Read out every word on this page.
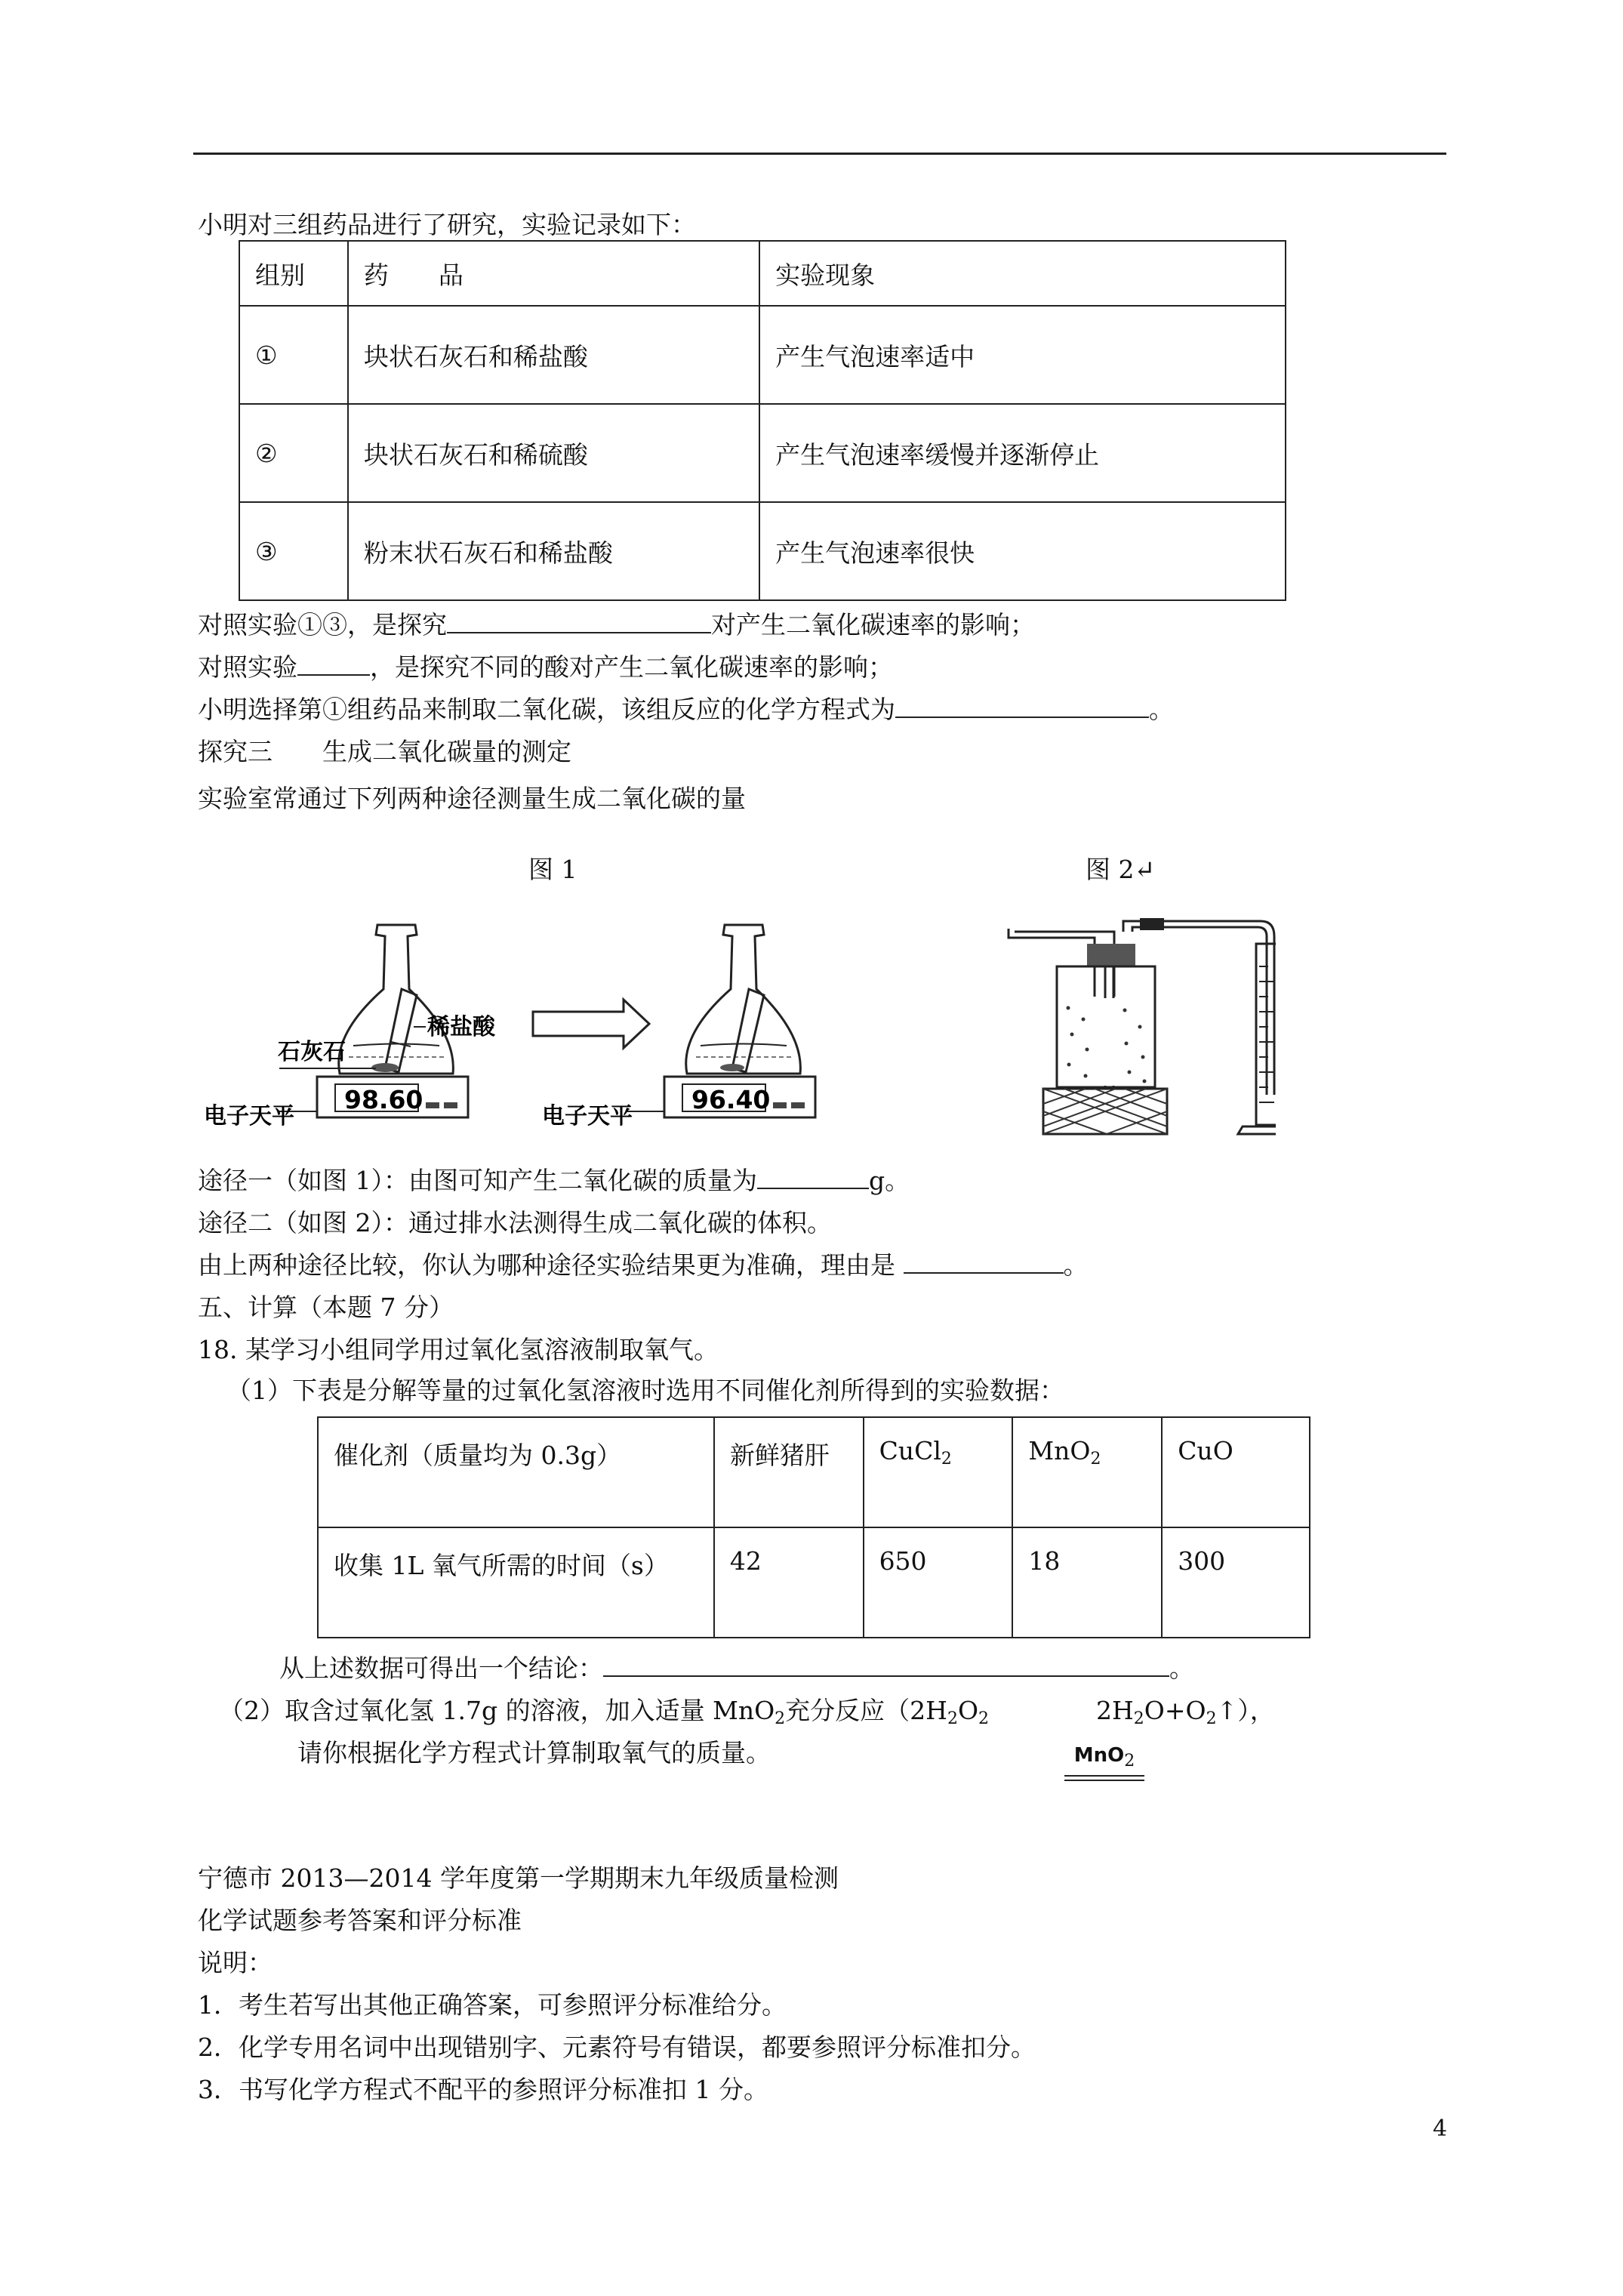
小明对三组药品进行了研究，实验记录如下：
组别	药　　品	实验现象
①	块状石灰石和稀盐酸	产生气泡速率适中
②	块状石灰石和稀硫酸	产生气泡速率缓慢并逐渐停止
③	粉末状石灰石和稀盐酸	产生气泡速率很快
对照实验①③，是探究	对产生二氧化碳速率的影响；
对照实验	，是探究不同的酸对产生二氧化碳速率的影响；
小明选择第①组药品来制取二氧化碳，该组反应的化学方程式为	。
探究三　　生成二氧化碳量的测定
实验室常通过下列两种途径测量生成二氧化碳的量
图 1	图 2↵
石灰石
稀盐酸
电子天平
98.60
电子天平
96.40
途径一（如图 1）：由图可知产生二氧化碳的质量为	g。
途径二（如图 2）：通过排水法测得生成二氧化碳的体积。
由上两种途径比较，你认为哪种途径实验结果更为准确，理由是	。
五、计算（本题 7 分）
18. 某学习小组同学用过氧化氢溶液制取氧气。
（1）下表是分解等量的过氧化氢溶液时选用不同催化剂所得到的实验数据：
催化剂（质量均为 0.3g）	新鲜猪肝	CuCl$_2$	MnO$_2$	CuO
收集 1L 氧气所需的时间（s）	42	650	18	300
从上述数据可得出一个结论：	。
（2）取含过氧化氢 1.7g 的溶液，加入适量 MnO$_2$充分反应（$2H_2O_2$	$2H_2O+O_2↑$），
请你根据化学方程式计算制取氧气的质量。	MnO$_2$
宁德市 2013—2014 学年度第一学期期末九年级质量检测
化学试题参考答案和评分标准
说明：
1．考生若写出其他正确答案，可参照评分标准给分。
2．化学专用名词中出现错别字、元素符号有错误，都要参照评分标准扣分。
3．书写化学方程式不配平的参照评分标准扣 1 分。
4
